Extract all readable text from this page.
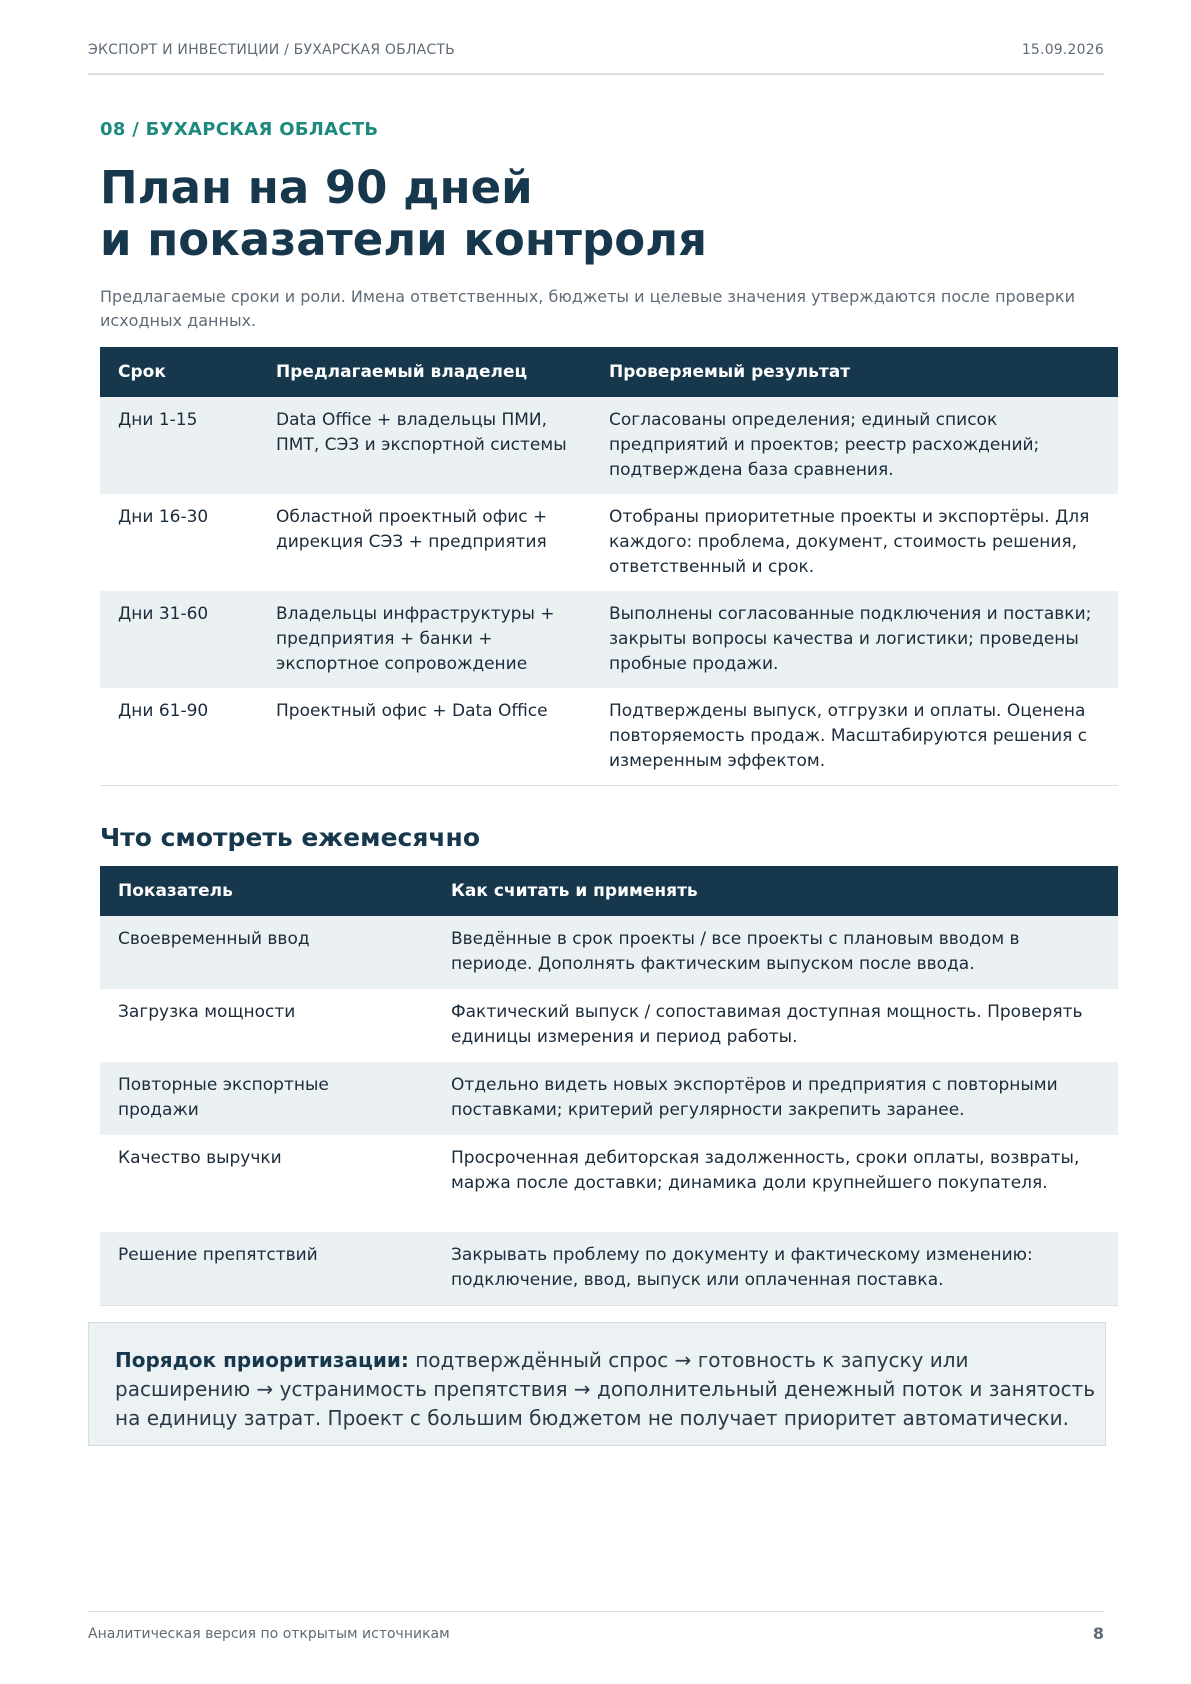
ЭКСПОРТ И ИНВЕСТИЦИИ / БУХАРСКАЯ ОБЛАСТЬ	15.09.2026
08 / БУХАРСКАЯ ОБЛАСТЬ
План на 90 дней
и показатели контроля

Предлагаемые сроки и роли. Имена ответственных, бюджеты и целевые значения утверждаются после проверки исходных данных.

Срок	Предлагаемый владелец	Проверяемый результат
Дни 1-15	Data Office + владельцы ПМИ, ПМТ, СЭЗ и экспортной системы	Согласованы определения; единый список предприятий и проектов; реестр расхождений; подтверждена база сравнения.
Дни 16-30	Областной проектный офис + дирекция СЭЗ + предприятия	Отобраны приоритетные проекты и экспортёры. Для каждого: проблема, документ, стоимость решения, ответственный и срок.
Дни 31-60	Владельцы инфраструктуры + предприятия + банки + экспортное сопровождение	Выполнены согласованные подключения и поставки; закрыты вопросы качества и логистики; проведены пробные продажи.
Дни 61-90	Проектный офис + Data Office	Подтверждены выпуск, отгрузки и оплаты. Оценена повторяемость продаж. Масштабируются решения с измеренным эффектом.
Что смотреть ежемесячно
Показатель	Как считать и применять
Своевременный ввод	Введённые в срок проекты / все проекты с плановым вводом в периоде. Дополнять фактическим выпуском после ввода.
Загрузка мощности	Фактический выпуск / сопоставимая доступная мощность. Проверять единицы измерения и период работы.
Повторные экспортные продажи	Отдельно видеть новых экспортёров и предприятия с повторными поставками; критерий регулярности закрепить заранее.
Качество выручки	Просроченная дебиторская задолженность, сроки оплаты, возвраты, маржа после доставки; динамика доли крупнейшего покупателя.
Решение препятствий	Закрывать проблему по документу и фактическому изменению: подключение, ввод, выпуск или оплаченная поставка.
Порядок приоритизации: подтверждённый спрос → готовность к запуску или расширению → устранимость препятствия → дополнительный денежный поток и занятость на единицу затрат. Проект с большим бюджетом не получает приоритет автоматически.
Аналитическая версия по открытым источникам	8
